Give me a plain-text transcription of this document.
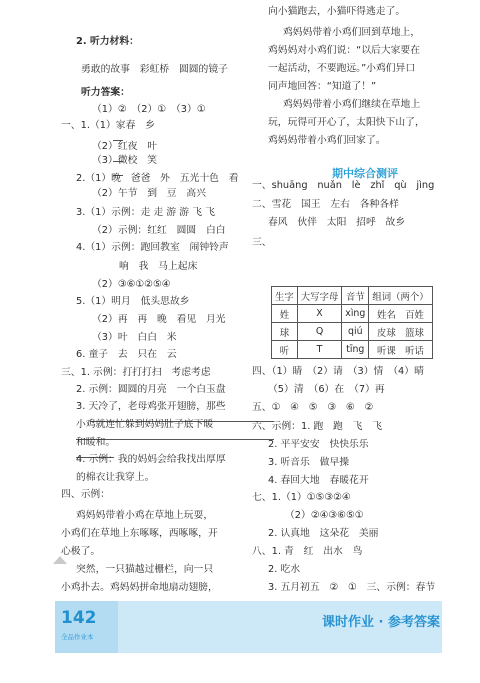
期中综合测评
生字	大写字母	音节	组词（两个）
姓	X	xìng	姓名　百姓
球	Q	qiú	皮球　篮球
听	T	tīng	听课　听话
142
全品作业本
课时作业 · 参考答案
2. 听力材料：
勇敢的故事　彩虹桥　圆圆的镜子
听力答案：
（1）②　（2）①　（3）①
一、1.（1）家春　乡
（2）红夜　叶
（3）微校　笑
2.（1）晚　爸爸　外　五光十色　看
（2）午节　到　豆　高兴
3.（1）示例：走 走 游 游 飞 飞
（2）示例：红红　圆圆　白白
4.（1）示例：跑回教室　闹钟铃声
响　我　马上起床
（2）③⑥①②⑤④
5.（1）明月　低头思故乡
（2）再　再　晚　看见　月光
（3）叶　白白　米
6. 童子　去　只在　云
三、1. 示例：打打打扫　考虑考虑
2. 示例：圆圆的月亮　一个白玉盘
3. 天冷了，老母鸡张开翅膀，那些
小鸡就连忙躲到妈妈肚子底下暖
和暖和。
4. 示例：我的妈妈会给我找出厚厚
的棉衣让我穿上。
四、示例：
鸡妈妈带着小鸡在草地上玩耍，
小鸡们在草地上东啄啄，西啄啄，开
心极了。
突然，一只猫越过栅栏，向一只
小鸡扑去。鸡妈妈拼命地扇动翅膀，
向小猫跑去，小猫吓得逃走了。
鸡妈妈带着小鸡们回到草地上，
鸡妈妈对小鸡们说：“以后大家要在
一起活动，不要跑远。”小鸡们异口
同声地回答：“知道了！”
鸡妈妈带着小鸡们继续在草地上
玩，玩得可开心了，太阳快下山了，
鸡妈妈带着小鸡们回家了。
一、shuāng　nuǎn　lè　zhǐ　qù　jìng
二、雪花　国王　左右　各种各样
春风　伙伴　太阳　招呼　故乡
三、
四、（1）睛　（2）请　（3）情　（4）晴
（5）清　（6）在　（7）再
五、①　④　⑤　③　⑥　②
六、示例：1. 跑　跑　飞　飞
2. 平平安安　快快乐乐
3. 听音乐　做早操
4. 春回大地　春暖花开
七、1.（1）①⑤③②④
（2）②④③⑥⑤①
2. 认真地　这朵花　美丽
八、1. 青　红　出水　鸟
2. 吃水
3. 五月初五　②　①　三、示例：春节
